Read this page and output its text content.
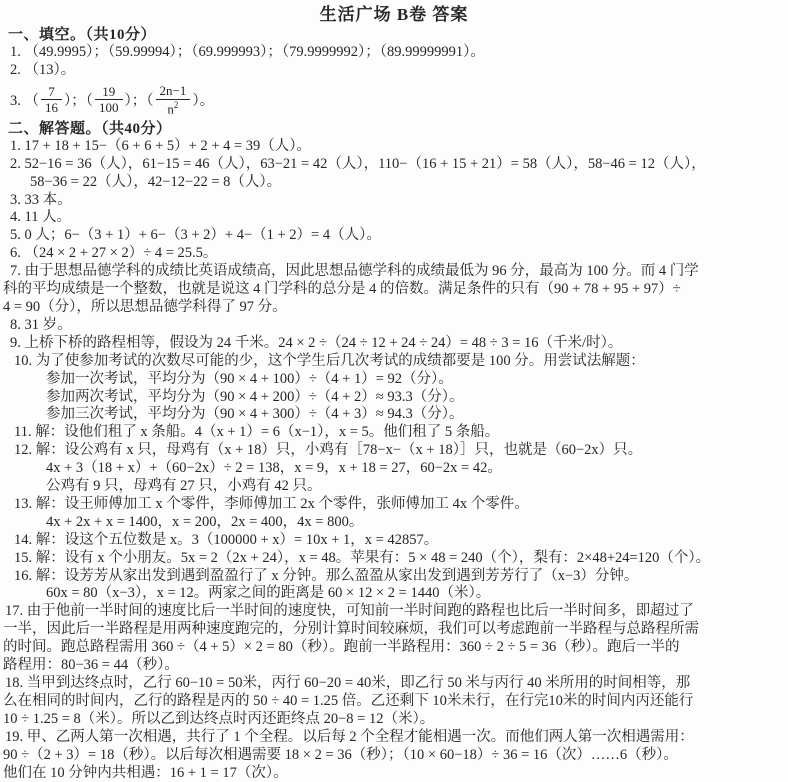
生活广场 B卷 答案
一、填空。（共10分）
1. （49.9995）；（59.99994）；（69.999993）；（79.9999992）；（89.99999991）。
2. （13）。
3. （ $\frac{7}{16}$ ）；（ $\frac{19}{100}$ ）；（ $\frac{2n-1}{n^2}$ ）。
二、解答题。（共40分）
1. 17 + 18 + 15−（6 + 6 + 5）+ 2 + 4 = 39（人）。
2. 52−16 = 36（人），61−15 = 46（人），63−21 = 42（人），110−（16 + 15 + 21）= 58（人），58−46 = 12（人），
58−36 = 22（人），42−12−22 = 8（人）。
3. 33 本。
4. 11 人。
5. 0 人；6−（3 + 1）+ 6−（3 + 2）+ 4−（1 + 2）= 4（人）。
6. （24 × 2 + 27 × 2）÷ 4 = 25.5。
7. 由于思想品德学科的成绩比英语成绩高，因此思想品德学科的成绩最低为 96 分，最高为 100 分。而 4 门学
科的平均成绩是一个整数，也就是说这 4 门学科的总分是 4 的倍数。满足条件的只有（90 + 78 + 95 + 97）÷
4 = 90（分），所以思想品德学科得了 97 分。
8. 31 岁。
9. 上桥下桥的路程相等，假设为 24 千米。24 × 2 ÷（24 ÷ 12 + 24 ÷ 24）= 48 ÷ 3 = 16（千米/时）。
10. 为了使参加考试的次数尽可能的少，这个学生后几次考试的成绩都要是 100 分。用尝试法解题：
参加一次考试，平均分为（90 × 4 + 100）÷（4 + 1）= 92（分）。
参加两次考试，平均分为（90 × 4 + 200）÷（4 + 2）≈ 93.3（分）。
参加三次考试，平均分为（90 × 4 + 300）÷（4 + 3）≈ 94.3（分）。
11. 解：设他们租了 x 条船。4（x + 1）= 6（x−1），x = 5。他们租了 5 条船。
12. 解：设公鸡有 x 只，母鸡有（x + 18）只，小鸡有［78−x−（x + 18）］只，也就是（60−2x）只。
4x + 3（18 + x）+（60−2x）÷ 2 = 138，x = 9，x + 18 = 27，60−2x = 42。
公鸡有 9 只，母鸡有 27 只，小鸡有 42 只。
13. 解：设王师傅加工 x 个零件，李师傅加工 2x 个零件，张师傅加工 4x 个零件。
4x + 2x + x = 1400，x = 200，2x = 400，4x = 800。
14. 解：设这个五位数是 x。3（100000 + x）= 10x + 1，x = 42857。
15. 解：设有 x 个小朋友。5x = 2（2x + 24），x = 48。苹果有：5 × 48 = 240（个），梨有：2×48+24=120（个）。
16. 解：设芳芳从家出发到遇到盈盈行了 x 分钟。那么盈盈从家出发到遇到芳芳行了（x−3）分钟。
60x = 80（x−3），x = 12。两家之间的距离是 60 × 12 × 2 = 1440（米）。
17. 由于他前一半时间的速度比后一半时间的速度快，可知前一半时间跑的路程也比后一半时间多，即超过了
一半，因此后一半路程是用两种速度跑完的，分别计算时间较麻烦，我们可以考虑跑前一半路程与总路程所需
的时间。跑总路程需用 360 ÷（4 + 5）× 2 = 80（秒）。跑前一半路程用：360 ÷ 2 ÷ 5 = 36（秒）。跑后一半的
路程用：80−36 = 44（秒）。
18. 当甲到达终点时，乙行 60−10 = 50米，丙行 60−20 = 40米，即乙行 50 米与丙行 40 米所用的时间相等，那
么在相同的时间内，乙行的路程是丙的 50 ÷ 40 = 1.25 倍。乙还剩下 10米未行，在行完10米的时间内丙还能行
10 ÷ 1.25 = 8（米）。所以乙到达终点时丙还距终点 20−8 = 12（米）。
19. 甲、乙两人第一次相遇，共行了 1 个全程。以后每 2 个全程才能相遇一次。而他们两人第一次相遇需用：
90 ÷（2 + 3）= 18（秒）。以后每次相遇需要 18 × 2 = 36（秒）；（10 × 60−18）÷ 36 = 16（次）……6（秒）。
他们在 10 分钟内共相遇：16 + 1 = 17（次）。
